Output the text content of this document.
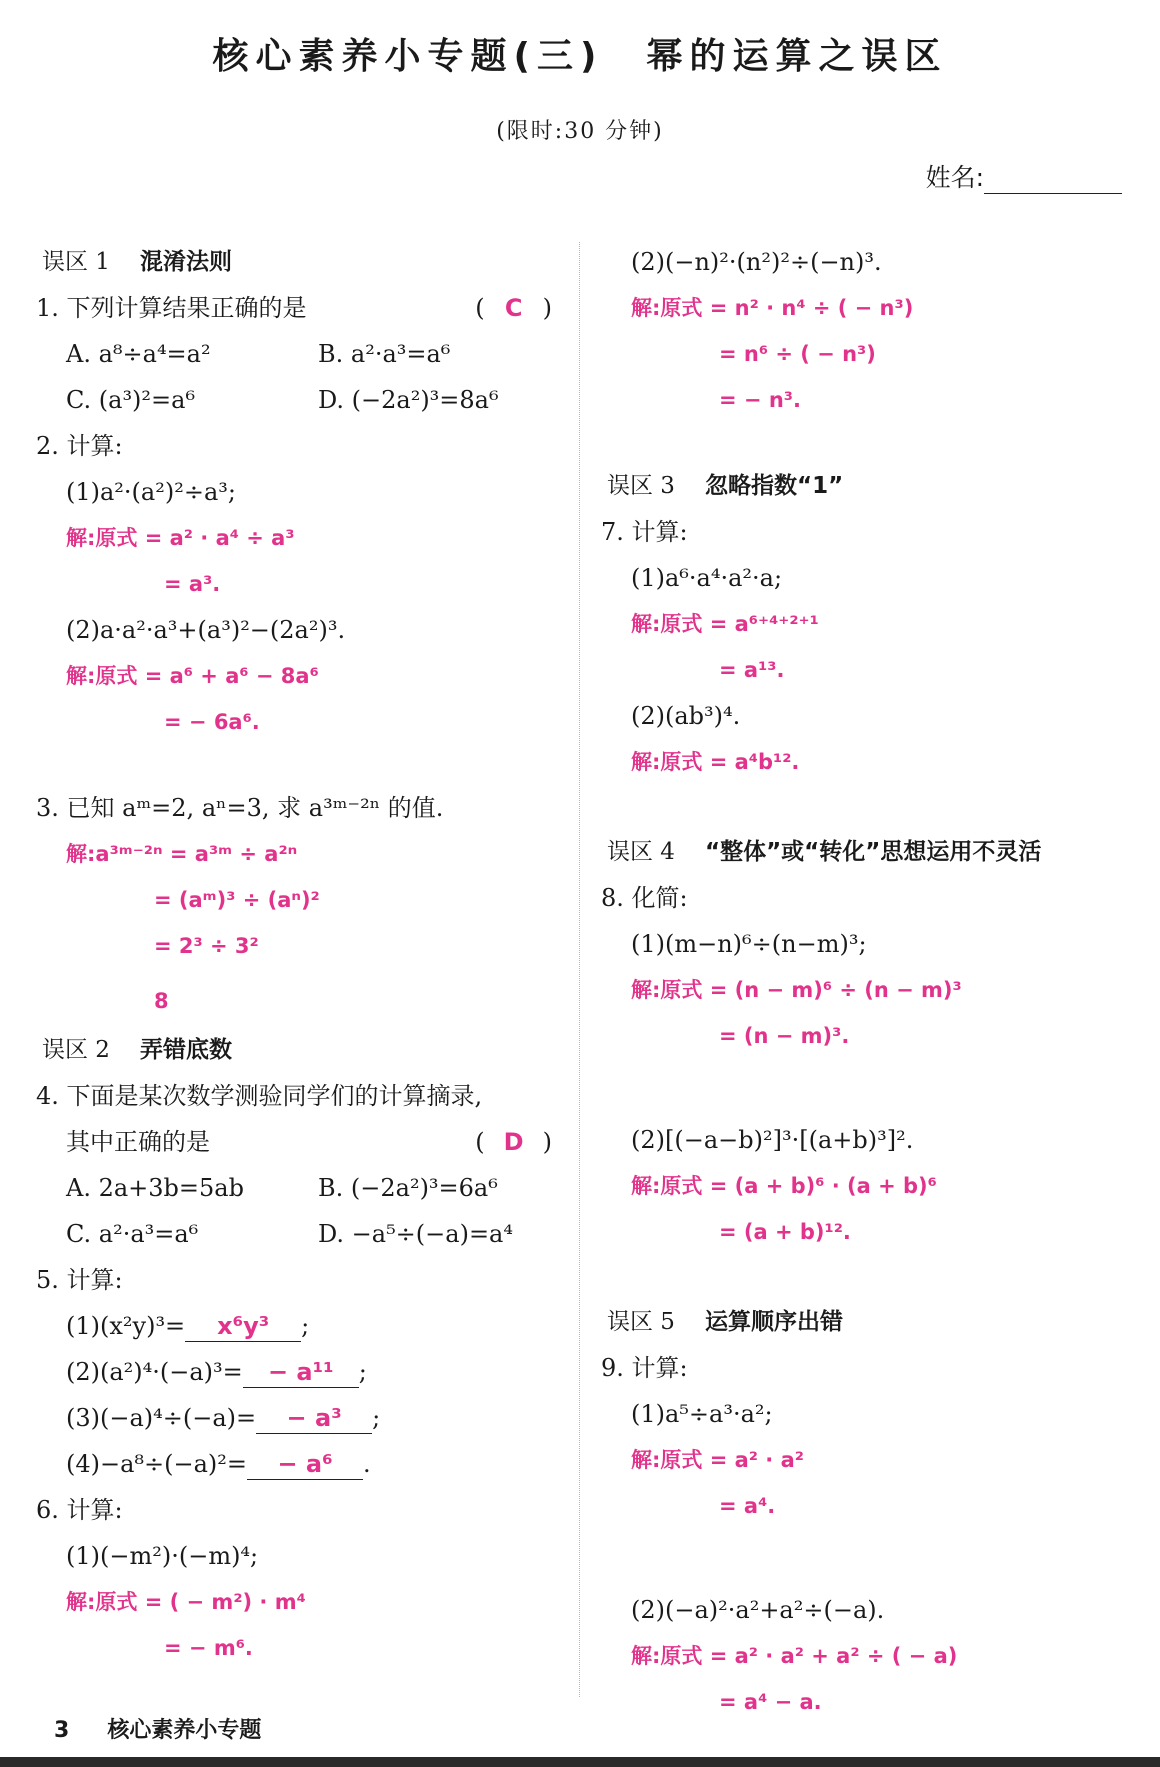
核心素养小专题(三)　幂的运算之误区
(限时:30 分钟)
姓名:
误区 1 混淆法则
( C )
1. 下列计算结果正确的是
A. a⁸÷a⁴=a²	B. a²·a³=a⁶
C. (a³)²=a⁶	D. (−2a²)³=8a⁶
2. 计算:
(1)a²·(a²)²÷a³;
解:原式 = a² · a⁴ ÷ a³
= a³.
(2)a·a²·a³+(a³)²−(2a²)³.
解:原式 = a⁶ + a⁶ − 8a⁶
= − 6a⁶.
3. 已知 aᵐ=2, aⁿ=3, 求 a³ᵐ⁻²ⁿ 的值.
解:a³ᵐ⁻²ⁿ = a³ᵐ ÷ a²ⁿ
= (aᵐ)³ ÷ (aⁿ)²
= 2³ ÷ 3²
8
误区 2 弄错底数
4. 下面是某次数学测验同学们的计算摘录,
( D )
其中正确的是
A. 2a+3b=5ab	B. (−2a²)³=6a⁶
C. a²·a³=a⁶	D. −a⁵÷(−a)=a⁴
5. 计算:
(1)(x²y)³= x⁶y³ ;
(2)(a²)⁴·(−a)³= − a¹¹ ;
(3)(−a)⁴÷(−a)= − a³ ;
(4)−a⁸÷(−a)²= − a⁶ .
6. 计算:
(1)(−m²)·(−m)⁴;
解:原式 = ( − m²) · m⁴
= − m⁶.
(2)(−n)²·(n²)²÷(−n)³.
解:原式 = n² · n⁴ ÷ ( − n³)
= n⁶ ÷ ( − n³)
= − n³.
误区 3 忽略指数“1”
7. 计算:
(1)a⁶·a⁴·a²·a;
解:原式 = a⁶⁺⁴⁺²⁺¹
= a¹³.
(2)(ab³)⁴.
解:原式 = a⁴b¹².
误区 4 “整体”或“转化”思想运用不灵活
8. 化简:
(1)(m−n)⁶÷(n−m)³;
解:原式 = (n − m)⁶ ÷ (n − m)³
= (n − m)³.
(2)[(−a−b)²]³·[(a+b)³]².
解:原式 = (a + b)⁶ · (a + b)⁶
= (a + b)¹².
误区 5 运算顺序出错
9. 计算:
(1)a⁵÷a³·a²;
解:原式 = a² · a²
= a⁴.
(2)(−a)²·a²+a²÷(−a).
解:原式 = a² · a² + a² ÷ ( − a)
= a⁴ − a.
3 核心素养小专题
